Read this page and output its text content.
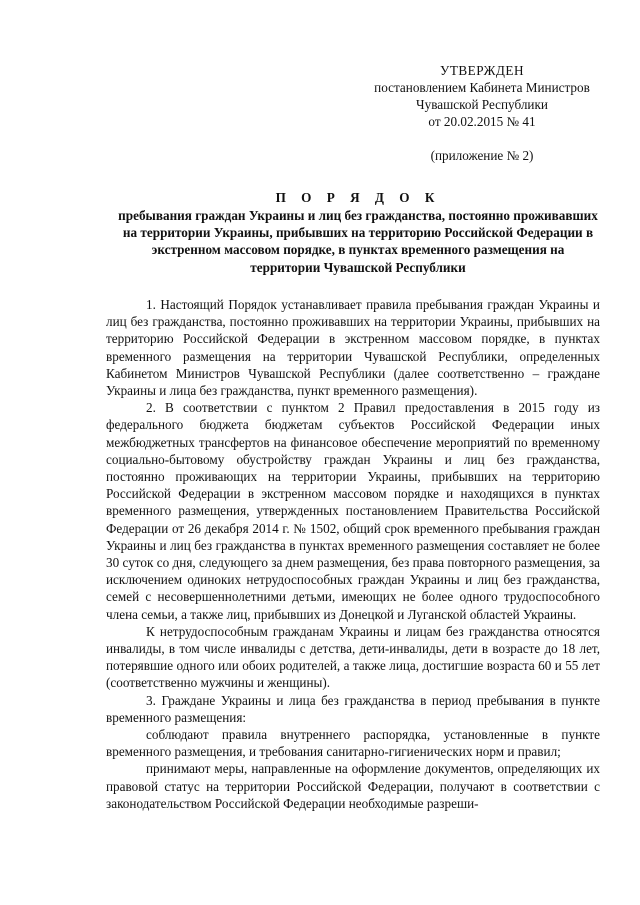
УТВЕРЖДЕН
постановлением Кабинета Министров
Чувашской Республики
от 20.02.2015 № 41
(приложение № 2)
П О Р Я Д О К
пребывания граждан Украины и лиц без гражданства, постоянно проживавших на территории Украины, прибывших на территорию Российской Федерации в экстренном массовом порядке, в пунктах временного размещения на территории Чувашской Республики

1. Настоящий Порядок устанавливает правила пребывания граждан Украины и лиц без гражданства, постоянно проживавших на территории Украины, прибывших на территорию Российской Федерации в экстренном массовом порядке, в пунктах временного размещения на территории Чувашской Республики, определенных Кабинетом Министров Чувашской Республики (далее соответственно – граждане Украины и лица без гражданства, пункт временного размещения).

2. В соответствии с пунктом 2 Правил предоставления в 2015 году из федерального бюджета бюджетам субъектов Российской Федерации иных межбюджетных трансфертов на финансовое обеспечение мероприятий по временному социально-бытовому обустройству граждан Украины и лиц без гражданства, постоянно проживающих на территории Украины, прибывших на территорию Российской Федерации в экстренном массовом порядке и находящихся в пунктах временного размещения, утвержденных постановлением Правительства Российской Федерации от 26 декабря 2014 г. № 1502, общий срок временного пребывания граждан Украины и лиц без гражданства в пунктах временного размещения составляет не более 30 суток со дня, следующего за днем размещения, без права повторного размещения, за исключением одиноких нетрудоспособных граждан Украины и лиц без гражданства, семей с несовершеннолетними детьми, имеющих не более одного трудоспособного члена семьи, а также лиц, прибывших из Донецкой и Луганской областей Украины.

К нетрудоспособным гражданам Украины и лицам без гражданства относятся инвалиды, в том числе инвалиды с детства, дети-инвалиды, дети в возрасте до 18 лет, потерявшие одного или обоих родителей, а также лица, достигшие возраста 60 и 55 лет (соответственно мужчины и женщины).

3. Граждане Украины и лица без гражданства в период пребывания в пункте временного размещения:

соблюдают правила внутреннего распорядка, установленные в пункте временного размещения, и требования санитарно-гигиенических норм и правил;

принимают меры, направленные на оформление документов, определяющих их правовой статус на территории Российской Федерации, получают в соответствии с законодательством Российской Федерации необходимые разреши-
